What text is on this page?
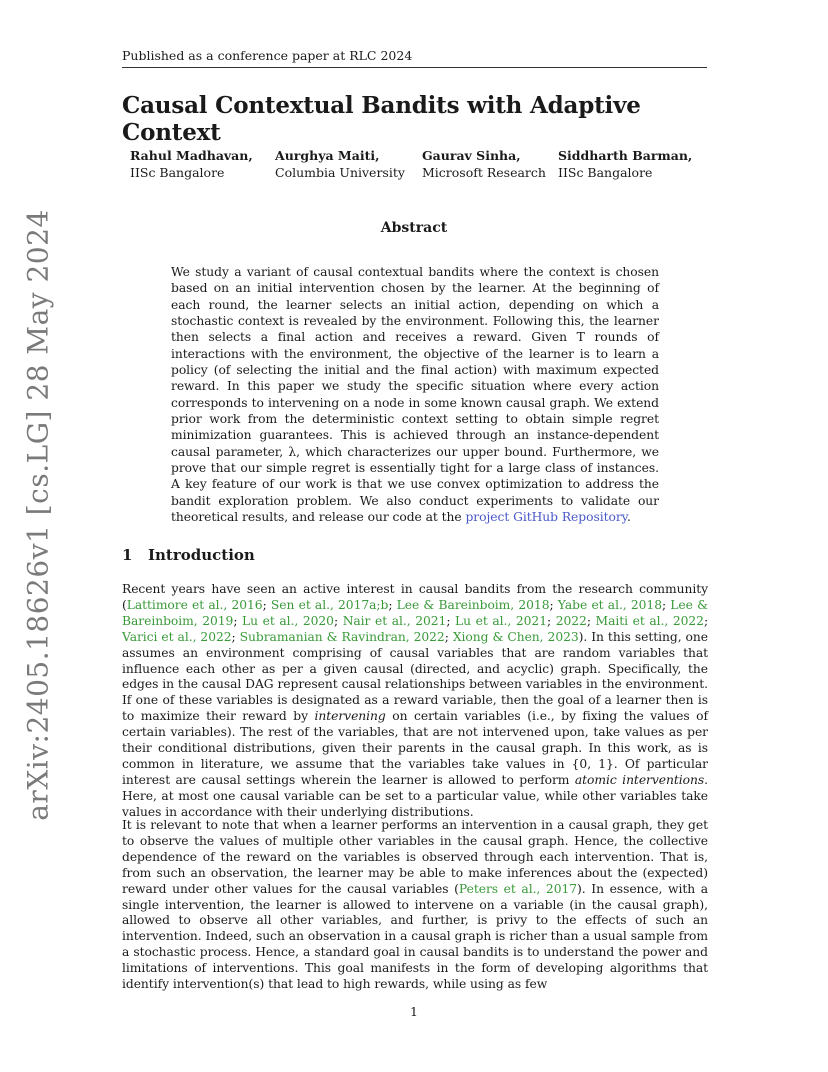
Published as a conference paper at RLC 2024
Causal Contextual Bandits with Adaptive Context
Rahul Madhavan,
IISc Bangalore
Aurghya Maiti,
Columbia University
Gaurav Sinha,
Microsoft Research
Siddharth Barman,
IISc Bangalore
arXiv:2405.18626v1 [cs.LG] 28 May 2024	Abstract

We study a variant of causal contextual bandits where the context is chosen based on an initial intervention chosen by the learner. At the beginning of each round, the learner selects an initial action, depending on which a stochastic context is revealed by the environment. Following this, the learner then selects a final action and receives a reward. Given T rounds of interactions with the environment, the objective of the learner is to learn a policy (of selecting the initial and the final action) with maximum expected reward. In this paper we study the specific situation where every action corresponds to intervening on a node in some known causal graph. We extend prior work from the deterministic context setting to obtain simple regret minimization guarantees. This is achieved through an instance-dependent causal parameter, λ, which characterizes our upper bound. Furthermore, we prove that our simple regret is essentially tight for a large class of instances. A key feature of our work is that we use convex optimization to address the bandit exploration problem. We also conduct experiments to validate our theoretical results, and release our code at the project GitHub Repository.

1 Introduction

Recent years have seen an active interest in causal bandits from the research community (Lattimore et al., 2016; Sen et al., 2017a;b; Lee & Bareinboim, 2018; Yabe et al., 2018; Lee & Bareinboim, 2019; Lu et al., 2020; Nair et al., 2021; Lu et al., 2021; 2022; Maiti et al., 2022; Varici et al., 2022; Subramanian & Ravindran, 2022; Xiong & Chen, 2023). In this setting, one assumes an environment comprising of causal variables that are random variables that influence each other as per a given causal (directed, and acyclic) graph. Specifically, the edges in the causal DAG represent causal relationships between variables in the environment. If one of these variables is designated as a reward variable, then the goal of a learner then is to maximize their reward by intervening on certain variables (i.e., by fixing the values of certain variables). The rest of the variables, that are not intervened upon, take values as per their conditional distributions, given their parents in the causal graph. In this work, as is common in literature, we assume that the variables take values in {0, 1}. Of particular interest are causal settings wherein the learner is allowed to perform atomic interventions. Here, at most one causal variable can be set to a particular value, while other variables take values in accordance with their underlying distributions.

It is relevant to note that when a learner performs an intervention in a causal graph, they get to observe the values of multiple other variables in the causal graph. Hence, the collective dependence of the reward on the variables is observed through each intervention. That is, from such an observation, the learner may be able to make inferences about the (expected) reward under other values for the causal variables (Peters et al., 2017). In essence, with a single intervention, the learner is allowed to intervene on a variable (in the causal graph), allowed to observe all other variables, and further, is privy to the effects of such an intervention. Indeed, such an observation in a causal graph is richer than a usual sample from a stochastic process. Hence, a standard goal in causal bandits is to understand the power and limitations of interventions. This goal manifests in the form of developing algorithms that identify intervention(s) that lead to high rewards, while using as few

1
